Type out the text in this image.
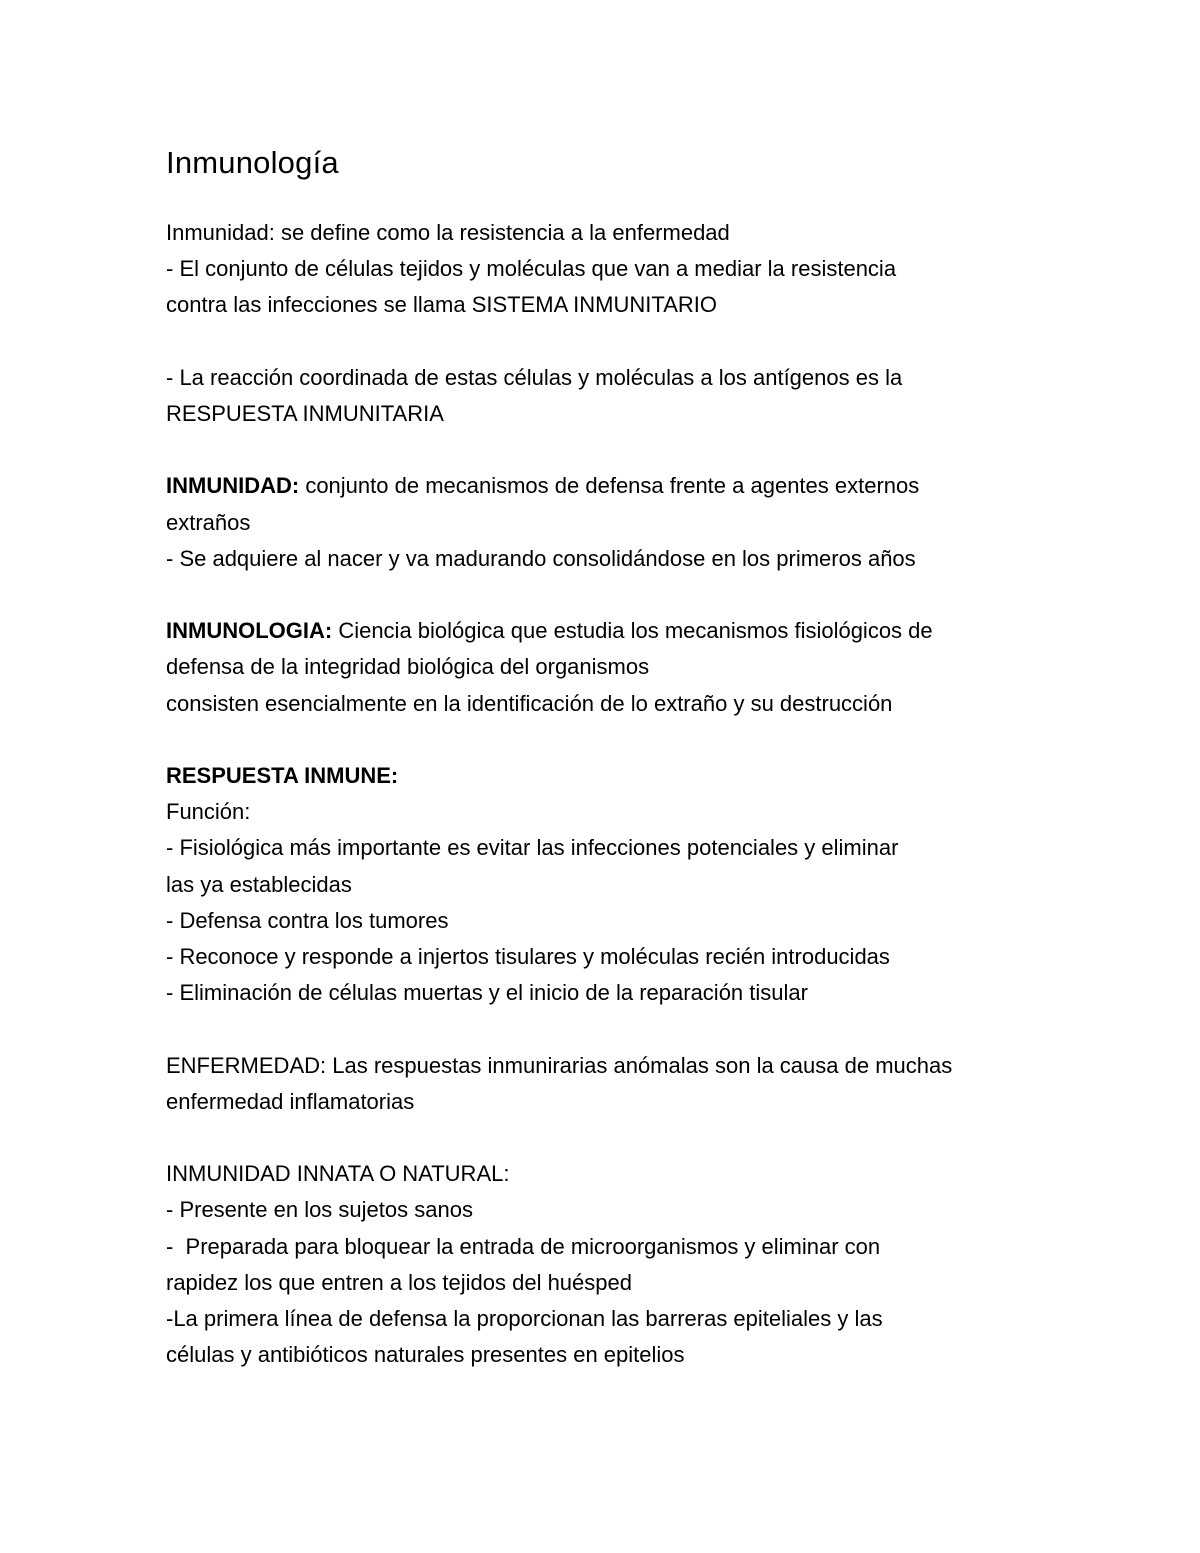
Inmunología

Inmunidad: se define como la resistencia a la enfermedad

- El conjunto de células tejidos y moléculas que van a mediar la resistencia

contra las infecciones se llama SISTEMA INMUNITARIO

- La reacción coordinada de estas células y moléculas a los antígenos es la

RESPUESTA INMUNITARIA

INMUNIDAD: conjunto de mecanismos de defensa frente a agentes externos

extraños

- Se adquiere al nacer y va madurando consolidándose en los primeros años

INMUNOLOGIA: Ciencia biológica que estudia los mecanismos fisiológicos de

defensa de la integridad biológica del organismos

consisten esencialmente en la identificación de lo extraño y su destrucción

RESPUESTA INMUNE:

Función:

- Fisiológica más importante es evitar las infecciones potenciales y eliminar

las ya establecidas

- Defensa contra los tumores

- Reconoce y responde a injertos tisulares y moléculas recién introducidas

- Eliminación de células muertas y el inicio de la reparación tisular

ENFERMEDAD: Las respuestas inmunirarias anómalas son la causa de muchas

enfermedad inflamatorias

INMUNIDAD INNATA O NATURAL:

- Presente en los sujetos sanos

-  Preparada para bloquear la entrada de microorganismos y eliminar con

rapidez los que entren a los tejidos del huésped

-La primera línea de defensa la proporcionan las barreras epiteliales y las

células y antibióticos naturales presentes en epitelios
